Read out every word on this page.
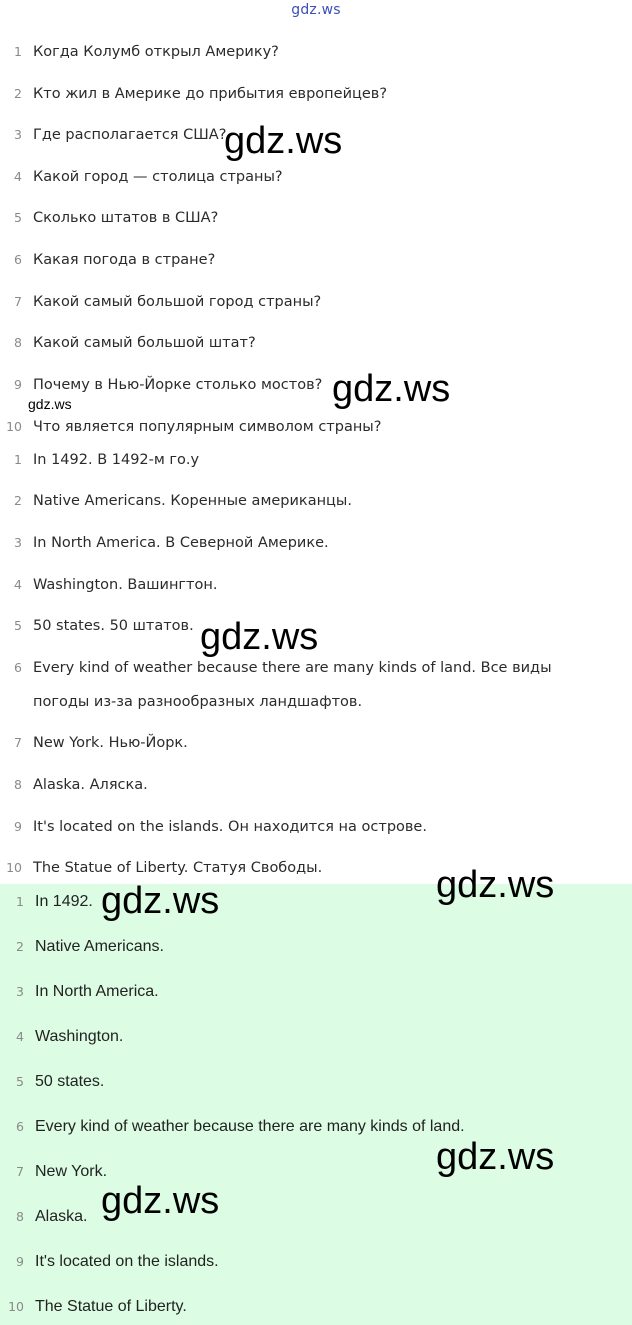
gdz.ws
1 Когда Колумб открыл Америку?
2 Кто жил в Америке до прибытия европейцев?
3 Где располагается США?
4 Какой город — столица страны?
5 Сколько штатов в США?
6 Какая погода в стране?
7 Какой самый большой город страны?
8 Какой самый большой штат?
9 Почему в Нью-Йорке столько мостов?
10 Что является популярным символом страны?
1 In 1492. В 1492-м го.у
2 Native Americans. Коренные американцы.
3 In North America. В Северной Америке.
4 Washington. Вашингтон.
5 50 states. 50 штатов.
6 Every kind of weather because there are many kinds of land. Все виды
погоды из-за разнообразных ландшафтов.
7 New York. Нью-Йорк.
8 Alaska. Аляска.
9 It's located on the islands. Он находится на острове.
10 The Statue of Liberty. Статуя Свободы.
1 In 1492.
2 Native Americans.
3 In North America.
4 Washington.
5 50 states.
6 Every kind of weather because there are many kinds of land.
7 New York.
8 Alaska.
9 It's located on the islands.
10 The Statue of Liberty.
gdz.ws
gdz.ws
gdz.ws
gdz.ws
gdz.ws
gdz.ws
gdz.ws
gdz.ws
